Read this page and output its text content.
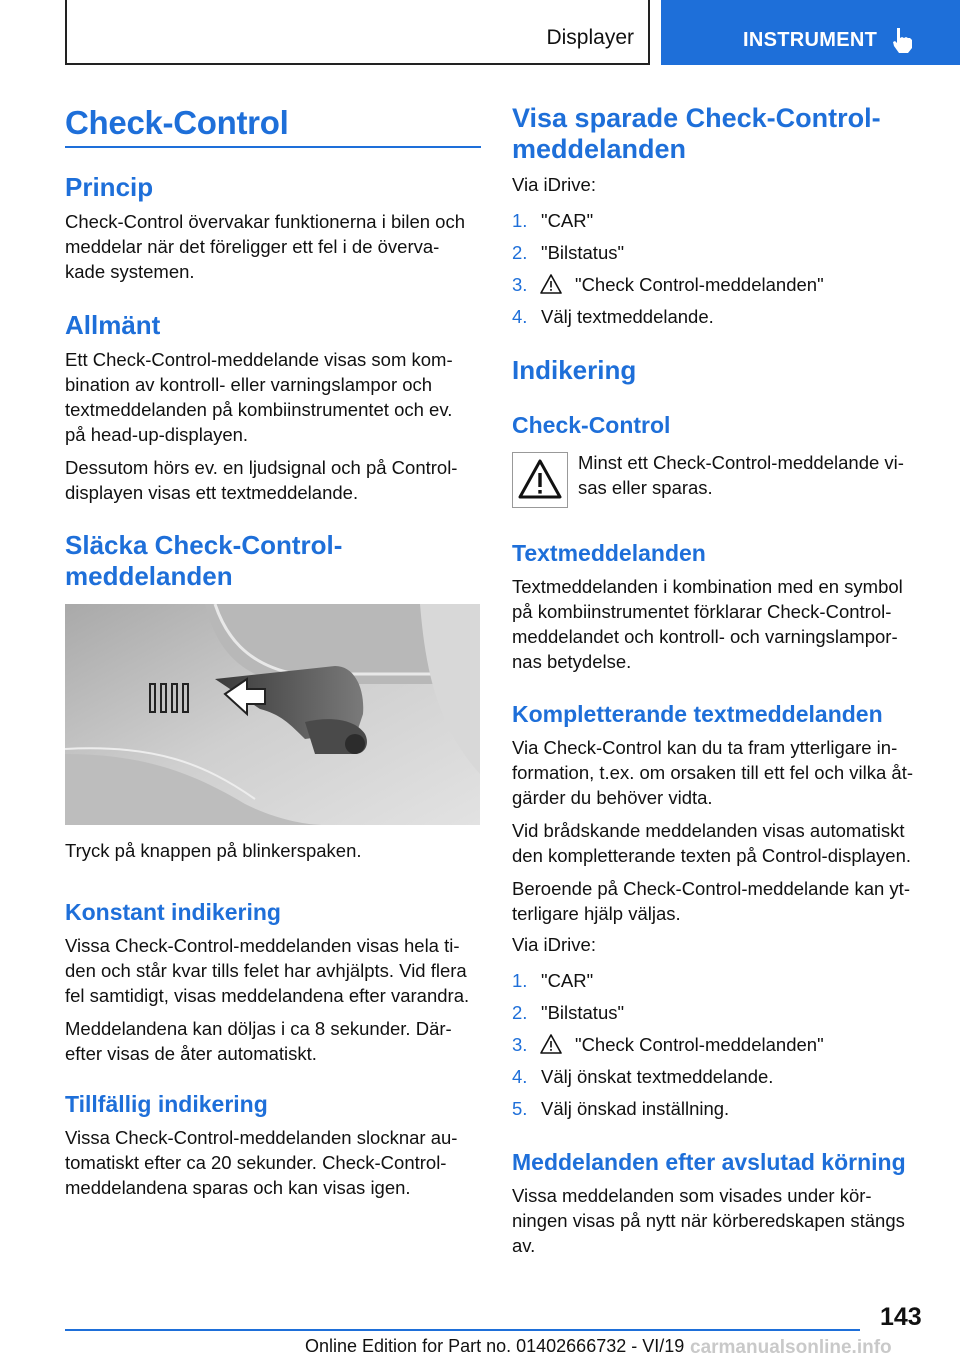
Displayer	INSTRUMENT
Check-Control
Princip
Check-Control övervakar funktionerna i bilen och
meddelar när det föreligger ett fel i de överva-
kade systemen.
Allmänt
Ett Check-Control-meddelande visas som kom-
bination av kontroll- eller varningslampor och
textmeddelanden på kombiinstrumentet och ev.
på head-up-displayen.
Dessutom hörs ev. en ljudsignal och på Control-
displayen visas ett textmeddelande.
Släcka Check-Control-
meddelanden
Tryck på knappen på blinkerspaken.
Konstant indikering
Vissa Check-Control-meddelanden visas hela ti-
den och står kvar tills felet har avhjälpts. Vid flera
fel samtidigt, visas meddelandena efter varandra.
Meddelandena kan döljas i ca 8 sekunder. Där-
efter visas de åter automatiskt.
Tillfällig indikering
Vissa Check-Control-meddelanden slocknar au-
tomatiskt efter ca 20 sekunder. Check-Control-
meddelandena sparas och kan visas igen.
Visa sparade Check-Control-
meddelanden
Via iDrive:
1. "CAR"
2. "Bilstatus"
3.	"Check Control-meddelanden"
4. Välj textmeddelande.
Indikering
Check-Control
Minst ett Check-Control-meddelande vi-
sas eller sparas.
Textmeddelanden
Textmeddelanden i kombination med en symbol
på kombiinstrumentet förklarar Check-Control-
meddelandet och kontroll- och varningslampor-
nas betydelse.
Kompletterande textmeddelanden
Via Check-Control kan du ta fram ytterligare in-
formation, t.ex. om orsaken till ett fel och vilka åt-
gärder du behöver vidta.
Vid brådskande meddelanden visas automatiskt
den kompletterande texten på Control-displayen.
Beroende på Check-Control-meddelande kan yt-
terligare hjälp väljas.
Via iDrive:
1. "CAR"
2. "Bilstatus"
3.	"Check Control-meddelanden"
4. Välj önskat textmeddelande.
5. Välj önskad inställning.
Meddelanden efter avslutad körning
Vissa meddelanden som visades under kör-
ningen visas på nytt när körberedskapen stängs
av.
143
Online Edition for Part no. 01402666732 - VI/19 carmanualsonline.info
